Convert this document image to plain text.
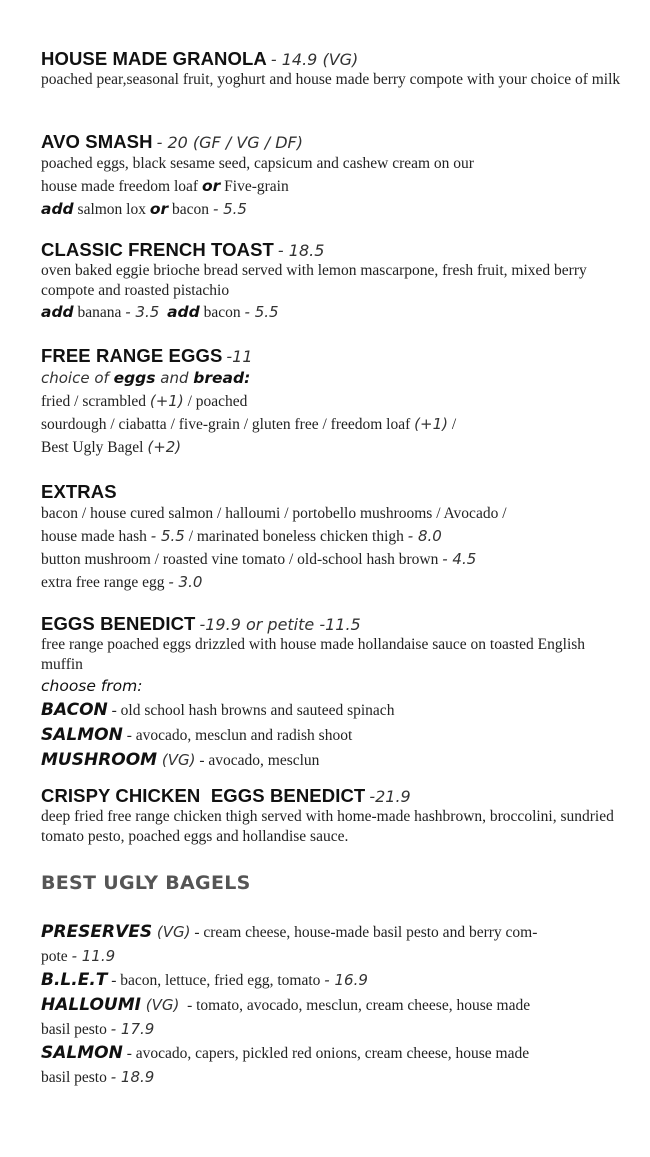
HOUSE MADE GRANOLA - 14.9 (VG)
poached pear,seasonal fruit, yoghurt and house made berry compote with your choice of milk
AVO SMASH - 20 (GF / VG / DF)
poached eggs, black sesame seed, capsicum and cashew cream on our
house made freedom loaf or Five-grain
add salmon lox or bacon - 5.5
CLASSIC FRENCH TOAST - 18.5
oven baked eggie brioche bread served with lemon mascarpone, fresh fruit, mixed berry compote and roasted pistachio
add banana - 3.5 add bacon - 5.5
FREE RANGE EGGS -11
choice of eggs and bread:
fried / scrambled (+1) / poached
sourdough / ciabatta / five-grain / gluten free / freedom loaf (+1) /
Best Ugly Bagel (+2)
EXTRAS
bacon / house cured salmon / halloumi / portobello mushrooms / Avocado /
house made hash - 5.5 / marinated boneless chicken thigh - 8.0
button mushroom / roasted vine tomato / old-school hash brown - 4.5
extra free range egg - 3.0
EGGS BENEDICT -19.9 or petite -11.5
free range poached eggs drizzled with house made hollandaise sauce on toasted English muffin
choose from:
BACON - old school hash browns and sauteed spinach
SALMON - avocado, mesclun and radish shoot
MUSHROOM (VG) - avocado, mesclun
CRISPY CHICKEN  EGGS BENEDICT -21.9
deep fried free range chicken thigh served with home-made hashbrown, broccolini, sundried tomato pesto, poached eggs and hollandise sauce.
BEST UGLY BAGELS
PRESERVES (VG) - cream cheese, house-made basil pesto and berry com-
pote - 11.9
B.L.E.T - bacon, lettuce, fried egg, tomato - 16.9
HALLOUMI (VG)  - tomato, avocado, mesclun, cream cheese, house made
basil pesto - 17.9
SALMON - avocado, capers, pickled red onions, cream cheese, house made
basil pesto - 18.9
